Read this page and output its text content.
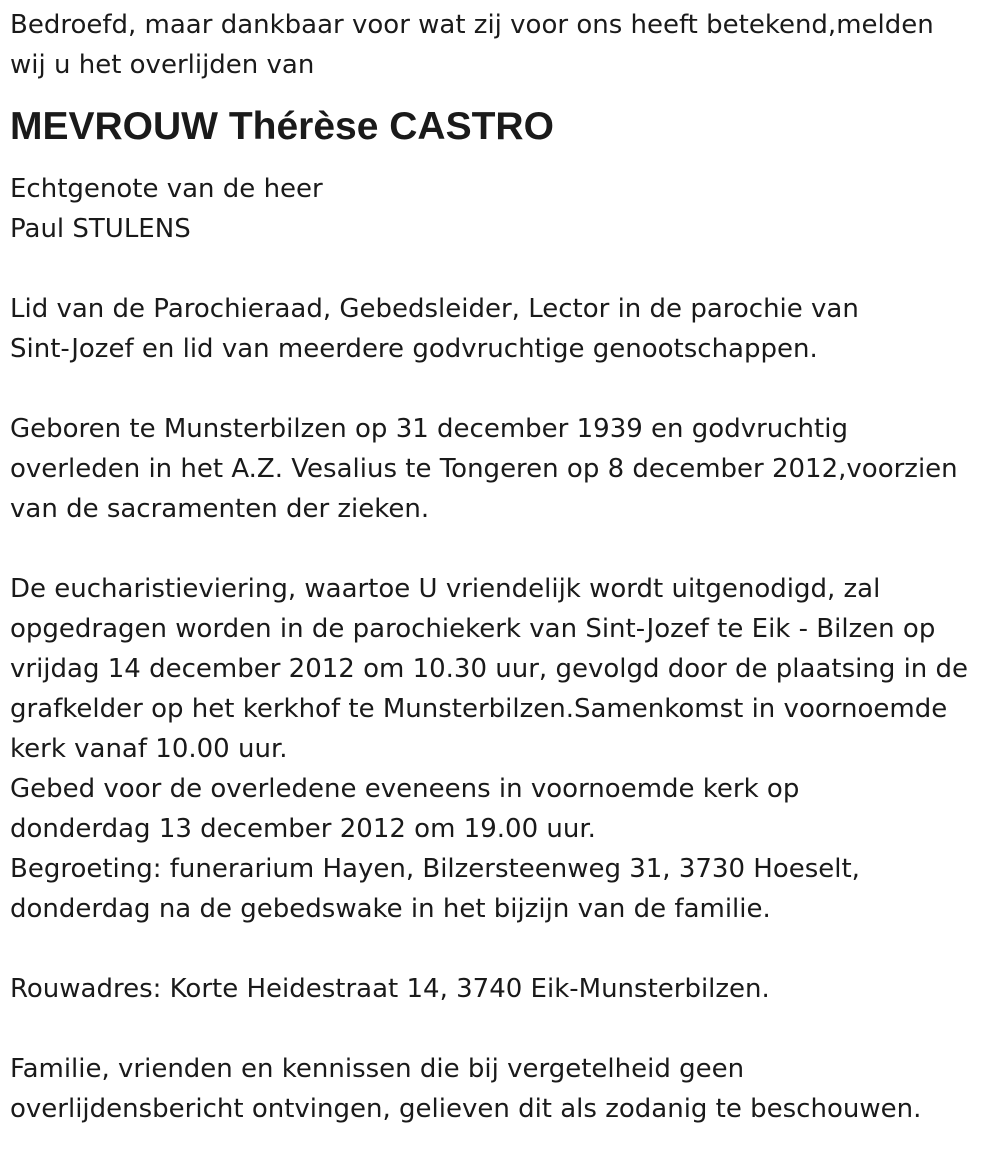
Bedroefd, maar dankbaar voor wat zij voor ons heeft betekend,melden
wij u het overlijden van
MEVROUW Thérèse CASTRO
Echtgenote van de heer
Paul STULENS
Lid van de Parochieraad, Gebedsleider, Lector in de parochie van
Sint-Jozef en lid van meerdere godvruchtige genootschappen.
Geboren te Munsterbilzen op 31 december 1939 en godvruchtig
overleden in het A.Z. Vesalius te Tongeren op 8 december 2012,voorzien
van de sacramenten der zieken.
De eucharistieviering, waartoe U vriendelijk wordt uitgenodigd, zal
opgedragen worden in de parochiekerk van Sint-Jozef te Eik - Bilzen op
vrijdag 14 december 2012 om 10.30 uur, gevolgd door de plaatsing in de
grafkelder op het kerkhof te Munsterbilzen.Samenkomst in voornoemde
kerk vanaf 10.00 uur.
Gebed voor de overledene eveneens in voornoemde kerk op
donderdag 13 december 2012 om 19.00 uur.
Begroeting: funerarium Hayen, Bilzersteenweg 31, 3730 Hoeselt,
donderdag na de gebedswake in het bijzijn van de familie.
Rouwadres: Korte Heidestraat 14, 3740 Eik-Munsterbilzen.
Familie, vrienden en kennissen die bij vergetelheid geen
overlijdensbericht ontvingen, gelieven dit als zodanig te beschouwen.
